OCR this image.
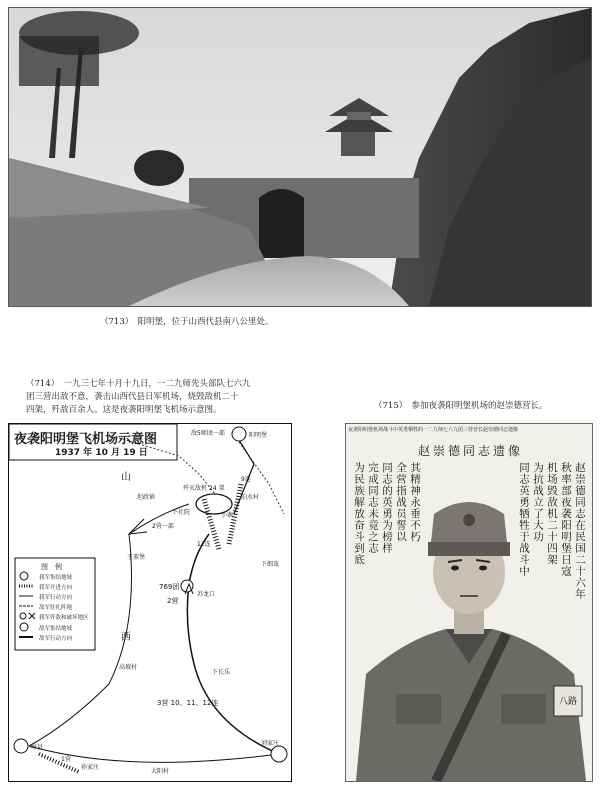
（713）　阳明堡，位于山西代县南八公里处。
（714）　一九三七年十月十九日，一二九师先头部队七六九
团三营出敌不意，袭击山西代县日军机场，烧毁敌机二十
四架，歼敌百余人。这是夜袭阳明堡飞机场示意图。
夜袭阳明堡飞机场示意图
1937 年 10 月 19 日
敌5师团一部	阳明堡
山	9连
歼灭敌机 24 架
坦政镇	泊水村
下社院	小寨
2营一部
12连
王董堡
下细芨
769团
苏龙口
2营
西
高坡村
下长乐
3营 10、11、12连
刘家庄
崞县
1营
孙家庄
大阳村
图　例
我军集结地域
我军开进方向
我军行动方向
敌军驻扎阵地
我军歼敌和破坏地区
敌军集结地域
敌军行动方向
（715）　参加夜袭阳明堡机场的赵崇德营长。
夜袭阳明堡机场战斗中英勇牺牲的一二九师七六九团三营营长赵崇德同志遗像
赵崇德同志遗像
赵崇德同志在民国二十六年
秋率部夜袭阳明堡日寇
机场毁敌机二十四架
为抗战立了大功
同志英勇牺牲于战斗中
其精神永垂不朽
全营指战员誓以
同志的英勇为榜样
完成同志未竟之志
为民族解放奋斗到底
八路
